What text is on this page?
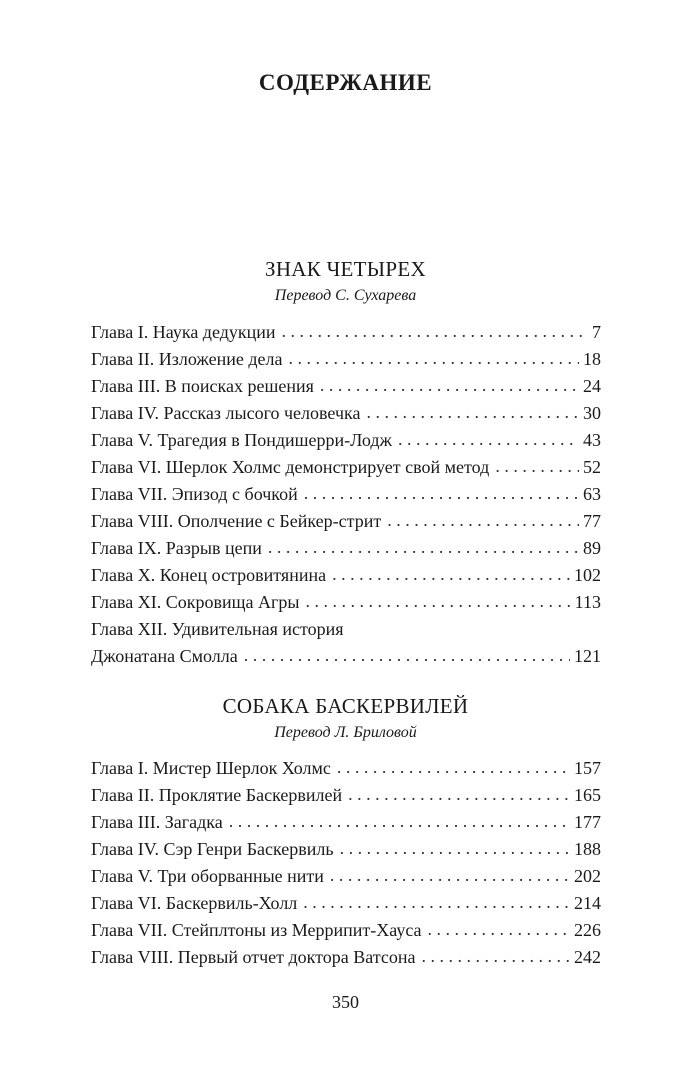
СОДЕРЖАНИЕ
ЗНАК ЧЕТЫРЕХ
Перевод С. Сухарева
Глава I. Наука дедукции . . .	7
Глава II. Изложение дела . . .	18
Глава III. В поисках решения . . .	24
Глава IV. Рассказ лысого человечка . . .	30
Глава V. Трагедия в Пондишерри-Лодж . . .	43
Глава VI. Шерлок Холмс демонстрирует свой метод . . .	52
Глава VII. Эпизод с бочкой . . .	63
Глава VIII. Ополчение с Бейкер-стрит . . .	77
Глава IX. Разрыв цепи . . .	89
Глава X. Конец островитянина . . .	102
Глава XI. Сокровища Агры . . .	113
Глава XII. Удивительная история
Джонатана Смолла . . .	121
СОБАКА БАСКЕРВИЛЕЙ
Перевод Л. Бриловой
Глава I. Мистер Шерлок Холмс . . .	157
Глава II. Проклятие Баскервилей . . .	165
Глава III. Загадка . . .	177
Глава IV. Сэр Генри Баскервиль . . .	188
Глава V. Три оборванные нити . . .	202
Глава VI. Баскервиль-Холл . . .	214
Глава VII. Стейплтоны из Меррипит-Хауса . . .	226
Глава VIII. Первый отчет доктора Ватсона . . .	242
350
